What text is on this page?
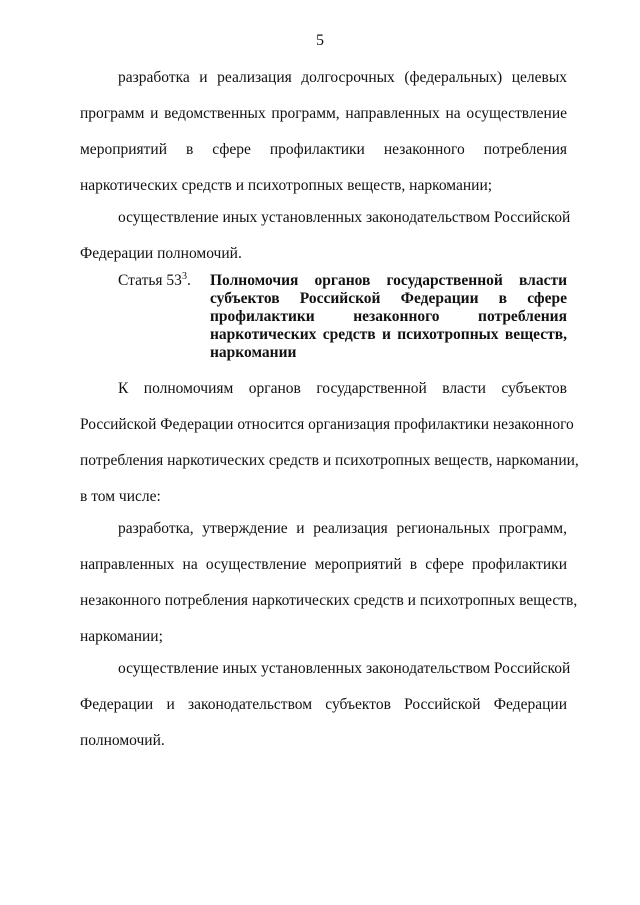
5
разработка и реализация долгосрочных (федеральных) целевых
программ и ведомственных программ, направленных на осуществление
мероприятий в сфере профилактики незаконного потребления
наркотических средств и психотропных веществ, наркомании;
осуществление иных установленных законодательством Российской
Федерации полномочий.
Статья $53^3$. Полномочия органов государственной власти
субъектов Российской Федерации в сфере
профилактики незаконного потребления
наркотических средств и психотропных веществ,
наркомании
К полномочиям органов государственной власти субъектов
Российской Федерации относится организация профилактики незаконного
потребления наркотических средств и психотропных веществ, наркомании,
в том числе:
разработка, утверждение и реализация региональных программ,
направленных на осуществление мероприятий в сфере профилактики
незаконного потребления наркотических средств и психотропных веществ,
наркомании;
осуществление иных установленных законодательством Российской
Федерации и законодательством субъектов Российской Федерации
полномочий.
